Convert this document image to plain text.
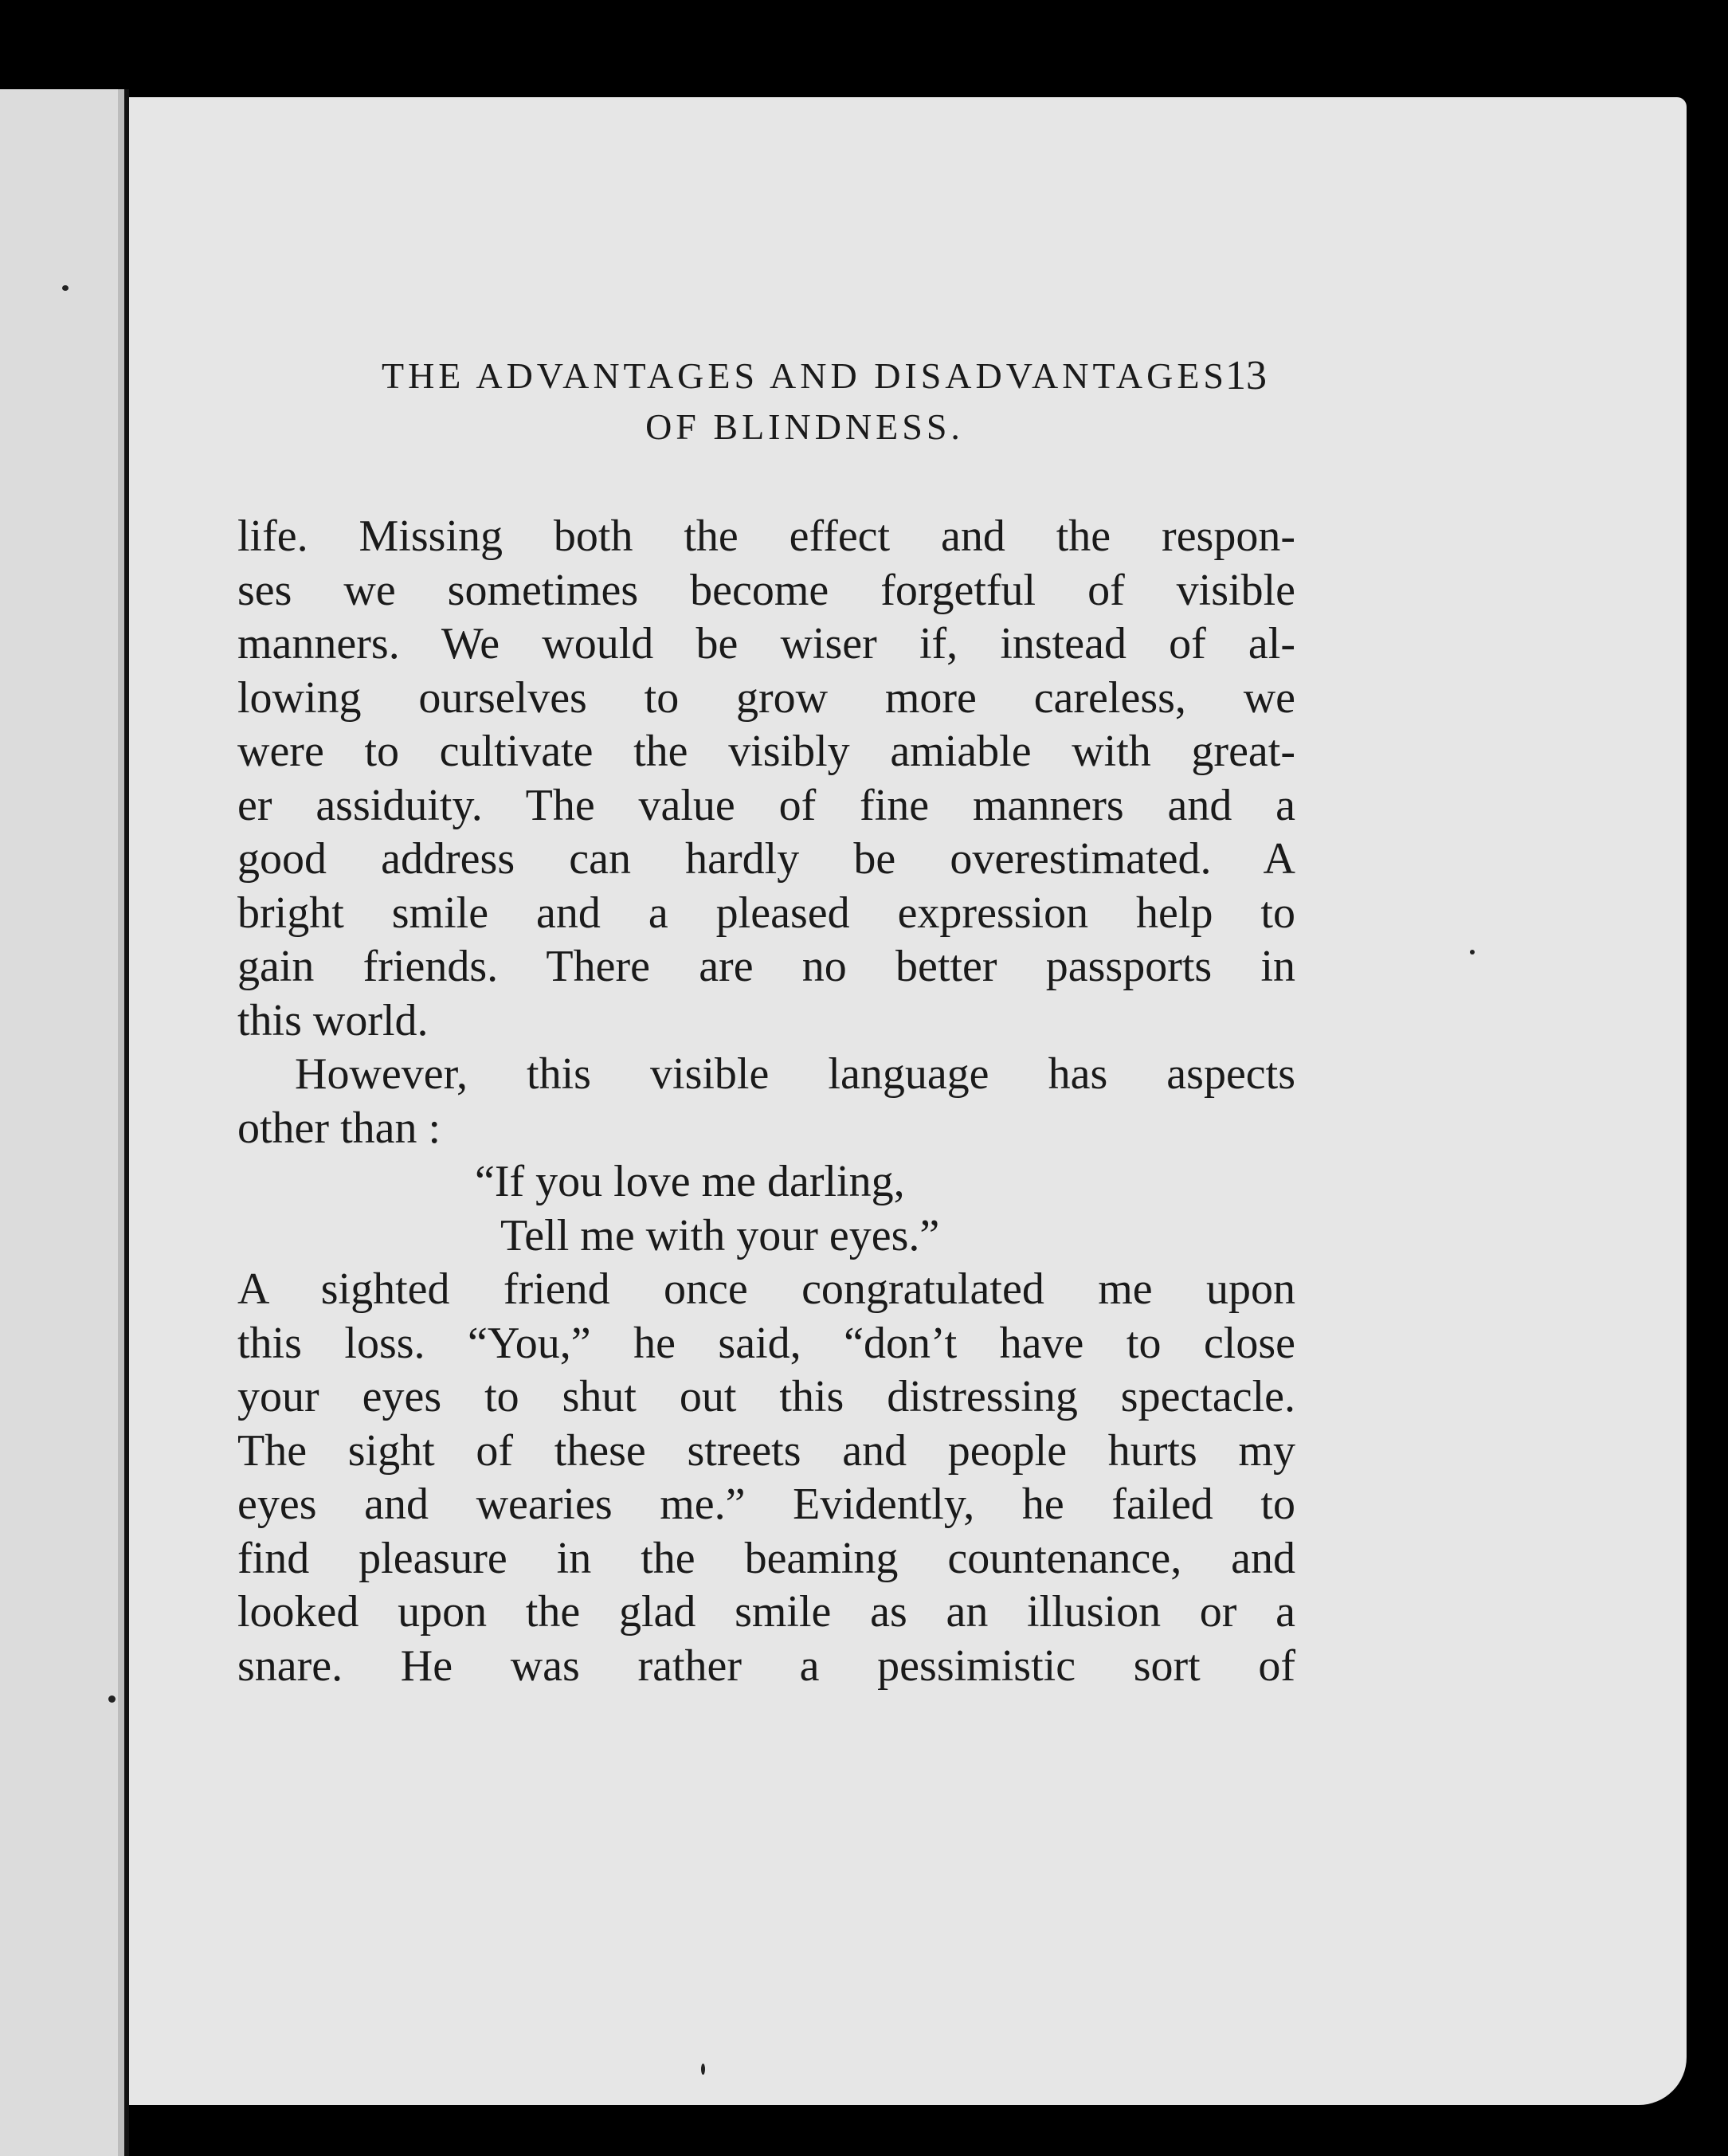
THE ADVANTAGES AND DISADVANTAGES
OF BLINDNESS.
13
life. Missing both the effect and the respon-
ses we sometimes become forgetful of visible
manners. We would be wiser if, instead of al-
lowing ourselves to grow more careless, we
were to cultivate the visibly amiable with great-
er assiduity. The value of fine manners and a
good address can hardly be overestimated. A
bright smile and a pleased expression help to
gain friends. There are no better passports in
this world.
However, this visible language has aspects
other than :
“If you love me darling,
Tell me with your eyes.”
A sighted friend once congratulated me upon
this loss. “You,” he said, “don’t have to close
your eyes to shut out this distressing spectacle.
The sight of these streets and people hurts my
eyes and wearies me.” Evidently, he failed to
find pleasure in the beaming countenance, and
looked upon the glad smile as an illusion or a
snare. He was rather a pessimistic sort of
